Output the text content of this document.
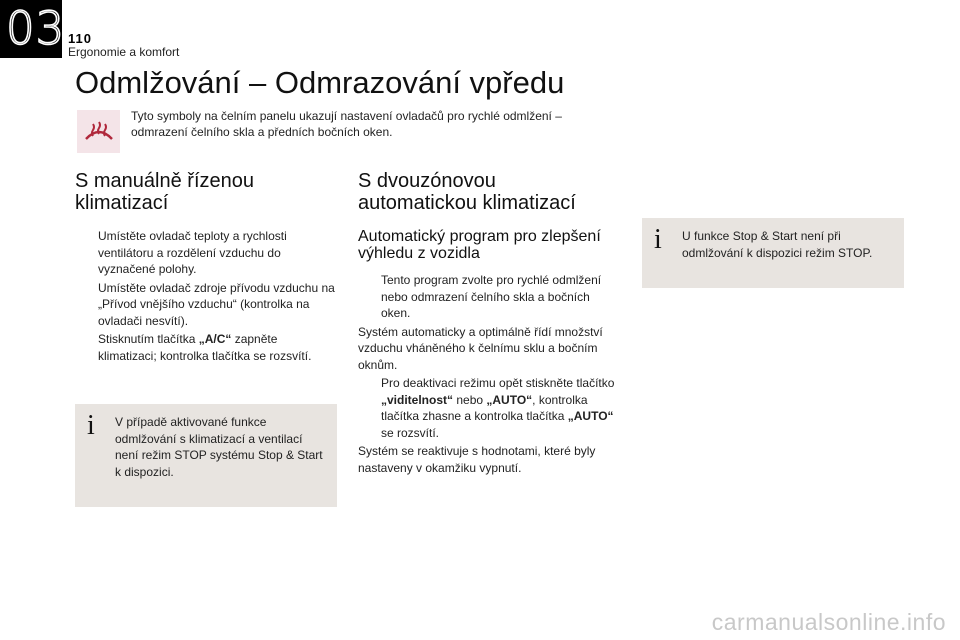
03 110
Ergonomie a komfort
Odmlžování – Odmrazování vpředu
Tyto symboly na čelním panelu ukazují nastavení ovladačů pro rychlé odmlžení – odmrazení čelního skla a předních bočních oken.
S manuálně řízenou klimatizací
Umístěte ovladač teploty a rychlosti ventilátoru a rozdělení vzduchu do vyznačené polohy.
Umístěte ovladač zdroje přívodu vzduchu na „Přívod vnějšího vzduchu“ (kontrolka na ovladači nesvítí).
Stisknutím tlačítka „A/C“ zapněte klimatizaci; kontrolka tlačítka se rozsvítí.
i V případě aktivované funkce odmlžování s klimatizací a ventilací není režim STOP systému Stop & Start k dispozici.
S dvouzónovou automatickou klimatizací
Automatický program pro zlepšení výhledu z vozidla
Tento program zvolte pro rychlé odmlžení nebo odmrazení čelního skla a bočních oken.
Systém automaticky a optimálně řídí množství vzduchu vháněného k čelnímu sklu a bočním oknům.
Pro deaktivaci režimu opět stiskněte tlačítko „viditelnost“ nebo „AUTO“, kontrolka tlačítka zhasne a kontrolka tlačítka „AUTO“ se rozsvítí.
Systém se reaktivuje s hodnotami, které byly nastaveny v okamžiku vypnutí.
i U funkce Stop & Start není při odmlžování k dispozici režim STOP.
carmanualsonline.info
